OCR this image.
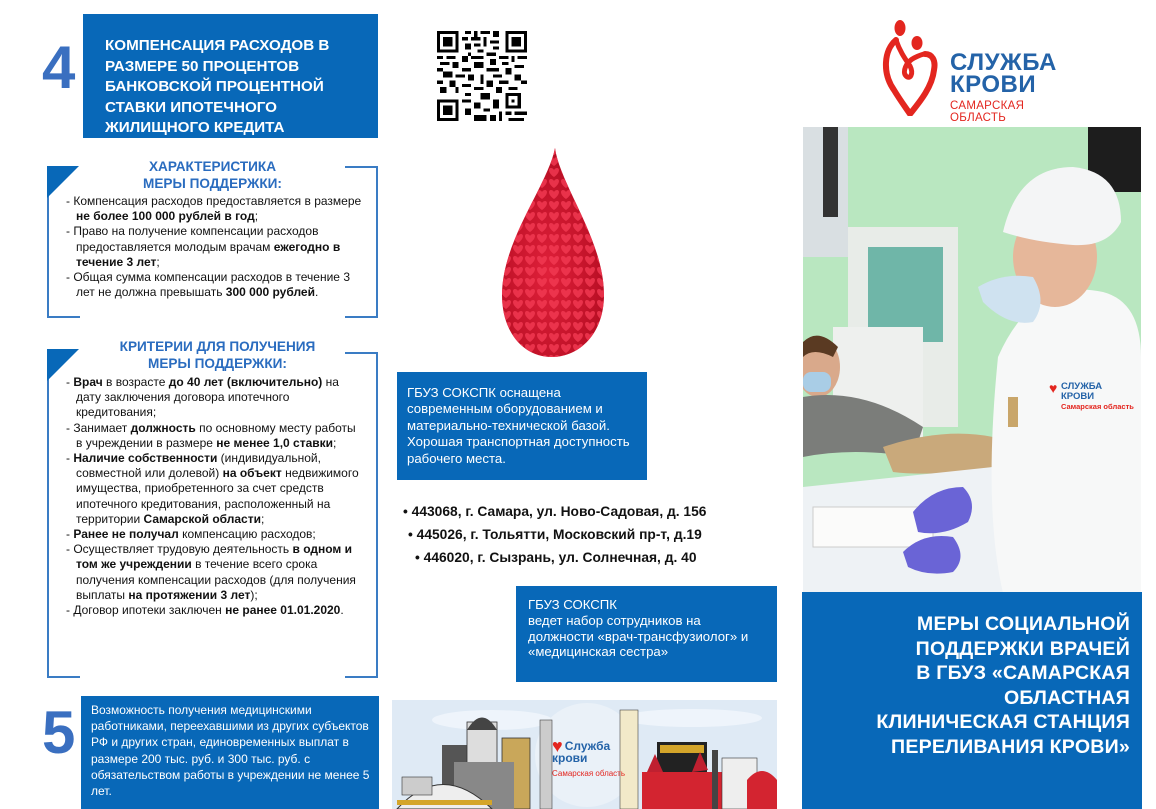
4 КОМПЕНСАЦИЯ РАСХОДОВ В
РАЗМЕРЕ 50 ПРОЦЕНТОВ
БАНКОВСКОЙ ПРОЦЕНТНОЙ
СТАВКИ ИПОТЕЧНОГО
ЖИЛИЩНОГО КРЕДИТА
ХАРАКТЕРИСТИКА
МЕРЫ ПОДДЕРЖКИ:
- Компенсация расходов предоставляется в размере не более 100 000 рублей в год;
- Право на получение компенсации расходов предоставляется молодым врачам ежегодно в течение 3 лет;
- Общая сумма компенсации расходов в течение 3 лет не должна превышать 300 000 рублей.
КРИТЕРИИ ДЛЯ ПОЛУЧЕНИЯ
МЕРЫ ПОДДЕРЖКИ:
- Врач в возрасте до 40 лет (включительно) на дату заключения договора ипотечного кредитования;
- Занимает должность по основному месту работы в учреждении в размере не менее 1,0 ставки;
- Наличие собственности (индивидуальной, совместной или долевой) на объект недвижимого имущества, приобретенного за счет средств ипотечного кредитования, расположенный на территории Самарской области;
- Ранее не получал компенсацию расходов;
- Осуществляет трудовую деятельность в одном и том же учреждении в течение всего срока получения компенсации расходов (для получения выплаты на протяжении 3 лет);
- Договор ипотеки заключен не ранее 01.01.2020.
5	Возможность получения медицинскими работниками, переехавшими из других субъектов РФ и других стран, единовременных выплат в размере 200 тыс. руб. и 300 тыс. руб. с обязательством работы в учреждении не менее 5 лет.
ГБУЗ СОКСПК оснащена современным оборудованием и материально-технической базой. Хорошая транспортная доступность рабочего места.
• 443068, г. Самара, ул. Ново-Садовая, д. 156
• 445026, г. Тольятти, Московский пр-т, д.19
• 446020, г. Сызрань, ул. Солнечная, д. 40
ГБУЗ СОКСПК
ведет набор сотрудников на должности «врач-трансфузиолог» и «медицинская сестра»
♥ Служба
крови
Самарская область
СЛУЖБА
КРОВИ
САМАРСКАЯ ОБЛАСТЬ
♥ СЛУЖБА
КРОВИ
Самарская область
МЕРЫ СОЦИАЛЬНОЙ
ПОДДЕРЖКИ ВРАЧЕЙ
В ГБУЗ «САМАРСКАЯ
ОБЛАСТНАЯ
КЛИНИЧЕСКАЯ СТАНЦИЯ
ПЕРЕЛИВАНИЯ КРОВИ»
